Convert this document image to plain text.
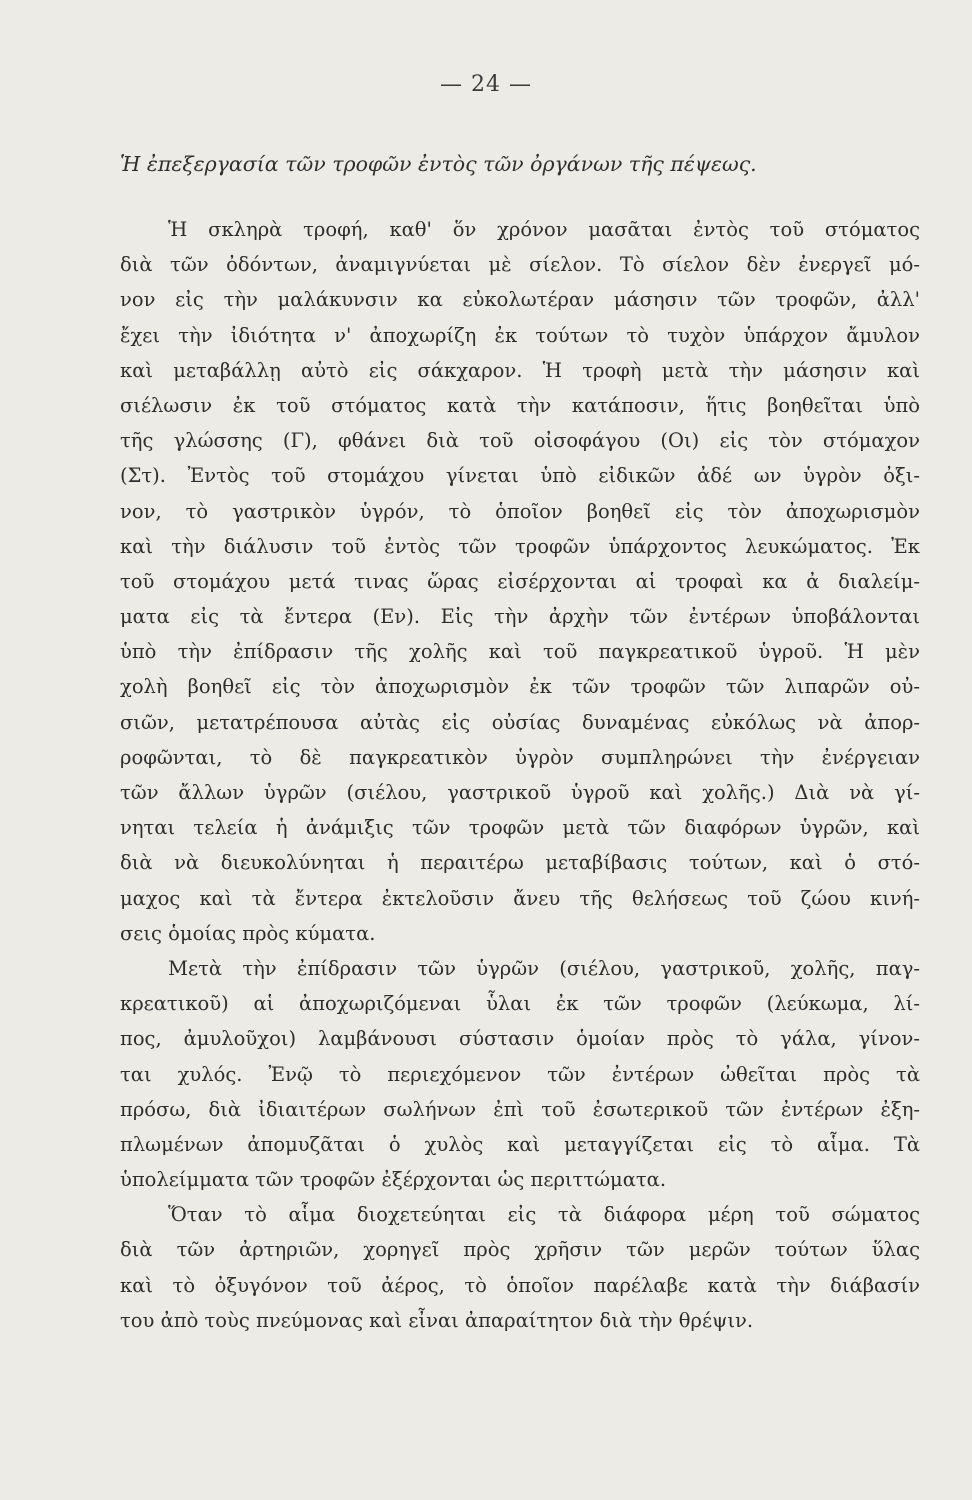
— 24 —
Ἡ ἐπεξεργασία τῶν τροφῶν ἐντὸς τῶν ὀργάνων τῆς πέψεως.
Ἡ σκληρὰ τροφή, καθ' ὅν χρόνον μασᾶται ἐντὸς τοῦ στόματος
διὰ τῶν ὀδόντων, ἀναμιγνύεται μὲ σίελον. Τὸ σίελον δὲν ἐνεργεῖ μό-
νον εἰς τὴν μαλάκυνσιν κα εὐκολωτέραν μάσησιν τῶν τροφῶν, ἀλλ'
ἔχει τὴν ἰδιότητα ν' ἀποχωρίζη ἐκ τούτων τὸ τυχὸν ὑπάρχον ἄμυλον
καὶ μεταβάλλῃ αὐτὸ εἰς σάκχαρον. Ἡ τροφὴ μετὰ τὴν μάσησιν καὶ
σιέλωσιν ἐκ τοῦ στόματος κατὰ τὴν κατάποσιν, ἥτις βοηθεῖται ὑπὸ
τῆς γλώσσης (Γ), φθάνει διὰ τοῦ οἰσοφάγου (Οι) εἰς τὸν στόμαχον
(Στ). Ἐντὸς τοῦ στομάχου γίνεται ὑπὸ εἰδικῶν ἀδέ ων ὑγρὸν ὀξι-
νον, τὸ γαστρικὸν ὑγρόν, τὸ ὁποῖον βοηθεῖ εἰς τὸν ἀποχωρισμὸν
καὶ τὴν διάλυσιν τοῦ ἐντὸς τῶν τροφῶν ὑπάρχοντος λευκώματος. Ἐκ
τοῦ στομάχου μετά τινας ὥρας εἰσέρχονται αἱ τροφαὶ κα ἀ διαλείμ-
ματα εἰς τὰ ἔντερα (Εν). Εἰς τὴν ἀρχὴν τῶν ἐντέρων ὑποβάλονται
ὑπὸ τὴν ἐπίδρασιν τῆς χολῆς καὶ τοῦ παγκρεατικοῦ ὑγροῦ. Ἡ μὲν
χολὴ βοηθεῖ εἰς τὸν ἀποχωρισμὸν ἐκ τῶν τροφῶν τῶν λιπαρῶν οὐ-
σιῶν, μετατρέπουσα αὐτὰς εἰς οὐσίας δυναμένας εὐκόλως νὰ ἀπορ-
ροφῶνται, τὸ δὲ παγκρεατικὸν ὑγρὸν συμπληρώνει τὴν ἐνέργειαν
τῶν ἄλλων ὑγρῶν (σιέλου, γαστρικοῦ ὑγροῦ καὶ χολῆς.) Διὰ νὰ γί-
νηται τελεία ἡ ἀνάμιξις τῶν τροφῶν μετὰ τῶν διαφόρων ὑγρῶν, καὶ
διὰ νὰ διευκολύνηται ἡ περαιτέρω μεταβίβασις τούτων, καὶ ὁ στό-
μαχος καὶ τὰ ἔντερα ἐκτελοῦσιν ἄνευ τῆς θελήσεως τοῦ ζώου κινή-
σεις ὁμοίας πρὸς κύματα.
Μετὰ τὴν ἐπίδρασιν τῶν ὑγρῶν (σιέλου, γαστρικοῦ, χολῆς, παγ-
κρεατικοῦ) αἱ ἀποχωριζόμεναι ὗλαι ἐκ τῶν τροφῶν (λεύκωμα, λί-
πος, ἀμυλοῦχοι) λαμβάνουσι σύστασιν ὁμοίαν πρὸς τὸ γάλα, γίνον-
ται χυλός. Ἐνῷ τὸ περιεχόμενον τῶν ἐντέρων ὠθεῖται πρὸς τὰ
πρόσω, διὰ ἰδιαιτέρων σωλήνων ἐπὶ τοῦ ἐσωτερικοῦ τῶν ἐντέρων ἐξη-
πλωμένων ἀπομυζᾶται ὁ χυλὸς καὶ μεταγγίζεται εἰς τὸ αἷμα. Τὰ
ὑπολείμματα τῶν τροφῶν ἐξέρχονται ὡς περιττώματα.
Ὅταν τὸ αἷμα διοχετεύηται εἰς τὰ διάφορα μέρη τοῦ σώματος
διὰ τῶν ἀρτηριῶν, χορηγεῖ πρὸς χρῆσιν τῶν μερῶν τούτων ὕλας
καὶ τὸ ὀξυγόνον τοῦ ἀέρος, τὸ ὁποῖον παρέλαβε κατὰ τὴν διάβασίν
του ἀπὸ τοὺς πνεύμονας καὶ εἶναι ἀπαραίτητον διὰ τὴν θρέψιν.
